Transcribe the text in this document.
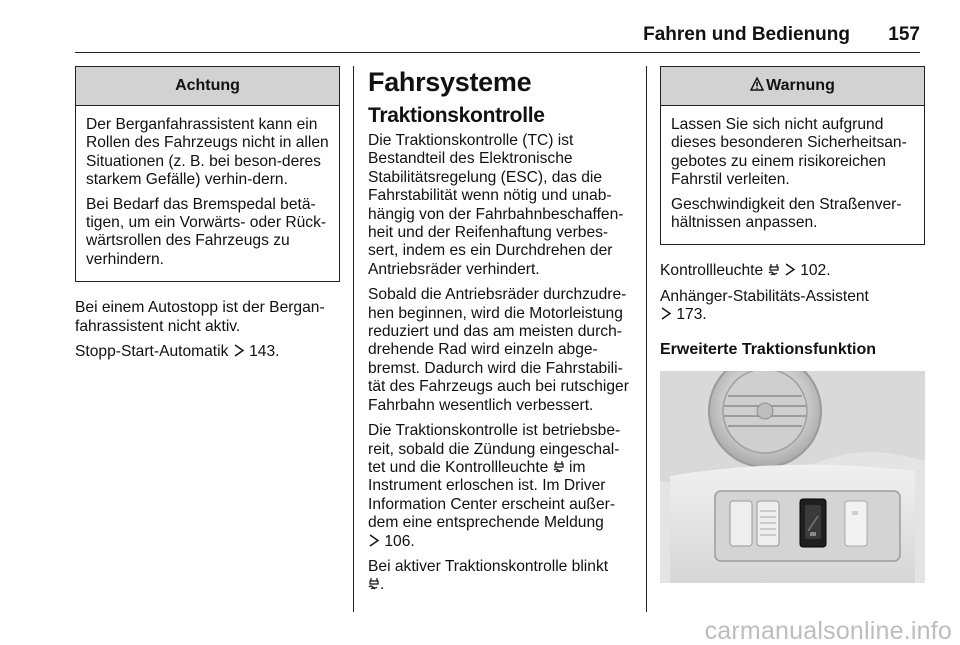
Fahren und Bedienung 157
Achtung

Der Berganfahrassistent kann ein Rollen des Fahrzeugs nicht in allen Situationen (z. B. bei beson-deres starkem Gefälle) verhin-dern.

Bei Bedarf das Bremspedal betä-tigen, um ein Vorwärts- oder Rück-wärtsrollen des Fahrzeugs zu verhindern.

Bei einem Autostopp ist der Bergan-fahrassistent nicht aktiv.

Stopp-Start-Automatik 143.

Fahrsysteme
Traktionskontrolle

Die Traktionskontrolle (TC) ist Bestandteil des Elektronische Stabilitätsregelung (ESC), das die Fahrstabilität wenn nötig und unab-hängig von der Fahrbahnbeschaffen-heit und der Reifenhaftung verbes-sert, indem es ein Durchdrehen der Antriebsräder verhindert.

Sobald die Antriebsräder durchzudre-hen beginnen, wird die Motorleistung reduziert und das am meisten durch-drehende Rad wird einzeln abge-bremst. Dadurch wird die Fahrstabili-tät des Fahrzeugs auch bei rutschiger Fahrbahn wesentlich verbessert.

Die Traktionskontrolle ist betriebsbe-reit, sobald die Zündung eingeschal-tet und die Kontrollleuchte im Instrument erloschen ist. Im Driver Information Center erscheint außer-dem eine entsprechende Meldung
106.

Bei aktiver Traktionskontrolle blinkt
.

Warnung

Lassen Sie sich nicht aufgrund dieses besonderen Sicherheitsan-gebotes zu einem risikoreichen Fahrstil verleiten.

Geschwindigkeit den Straßenver-hältnissen anpassen.

Kontrollleuchte 102.

Anhänger-Stabilitäts-Assistent
173.

Erweiterte Traktionsfunktion
carmanualsonline.info
